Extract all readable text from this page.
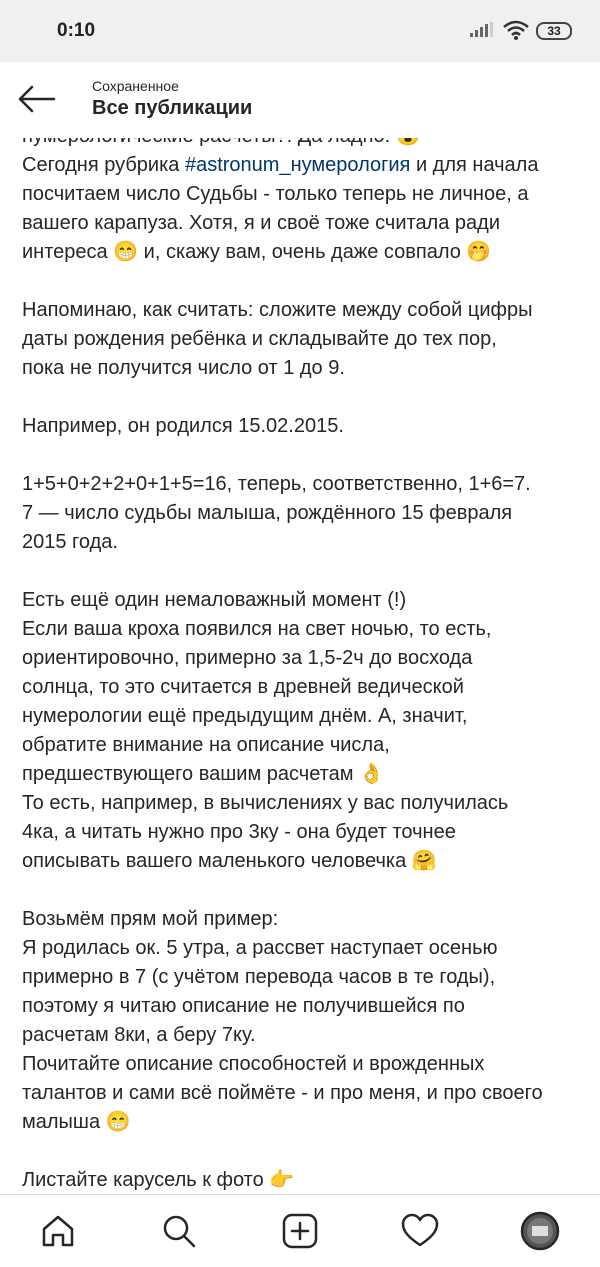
0:10	33
Сохраненное
Все публикации
Сегодня рубрика #astronum_нумерология и для начала
посчитаем число Судьбы - только теперь не личное, а
вашего карапуза. Хотя, я и своё тоже считала ради
интереса 😁 и, скажу вам, очень даже совпало 🤭

Напоминаю, как считать: сложите между собой цифры
даты рождения ребёнка и складывайте до тех пор,
пока не получится число от 1 до 9.

Например, он родился 15.02.2015.

1+5+0+2+2+0+1+5=16, теперь, соответственно, 1+6=7.
7 — число судьбы малыша, рождённого 15 февраля
2015 года.

Есть ещё один немаловажный момент (!)
Если ваша кроха появился на свет ночью, то есть,
ориентировочно, примерно за 1,5-2ч до восхода
солнца, то это считается в древней ведической
нумерологии ещё предыдущим днём. А, значит,
обратите внимание на описание числа,
предшествующего вашим расчетам 👌
То есть, например, в вычислениях у вас получилась
4ка, а читать нужно про 3ку - она будет точнее
описывать вашего маленького человечка 🤗

Возьмём прям мой пример:
Я родилась ок. 5 утра, а рассвет наступает осенью
примерно в 7 (с учётом перевода часов в те годы),
поэтому я читаю описание не получившейся по
расчетам 8ки, а беру 7ку.
Почитайте описание способностей и врожденных
талантов и сами всё поймёте - и про меня, и про своего
малыша 😁

Листайте карусель к фото 👉
